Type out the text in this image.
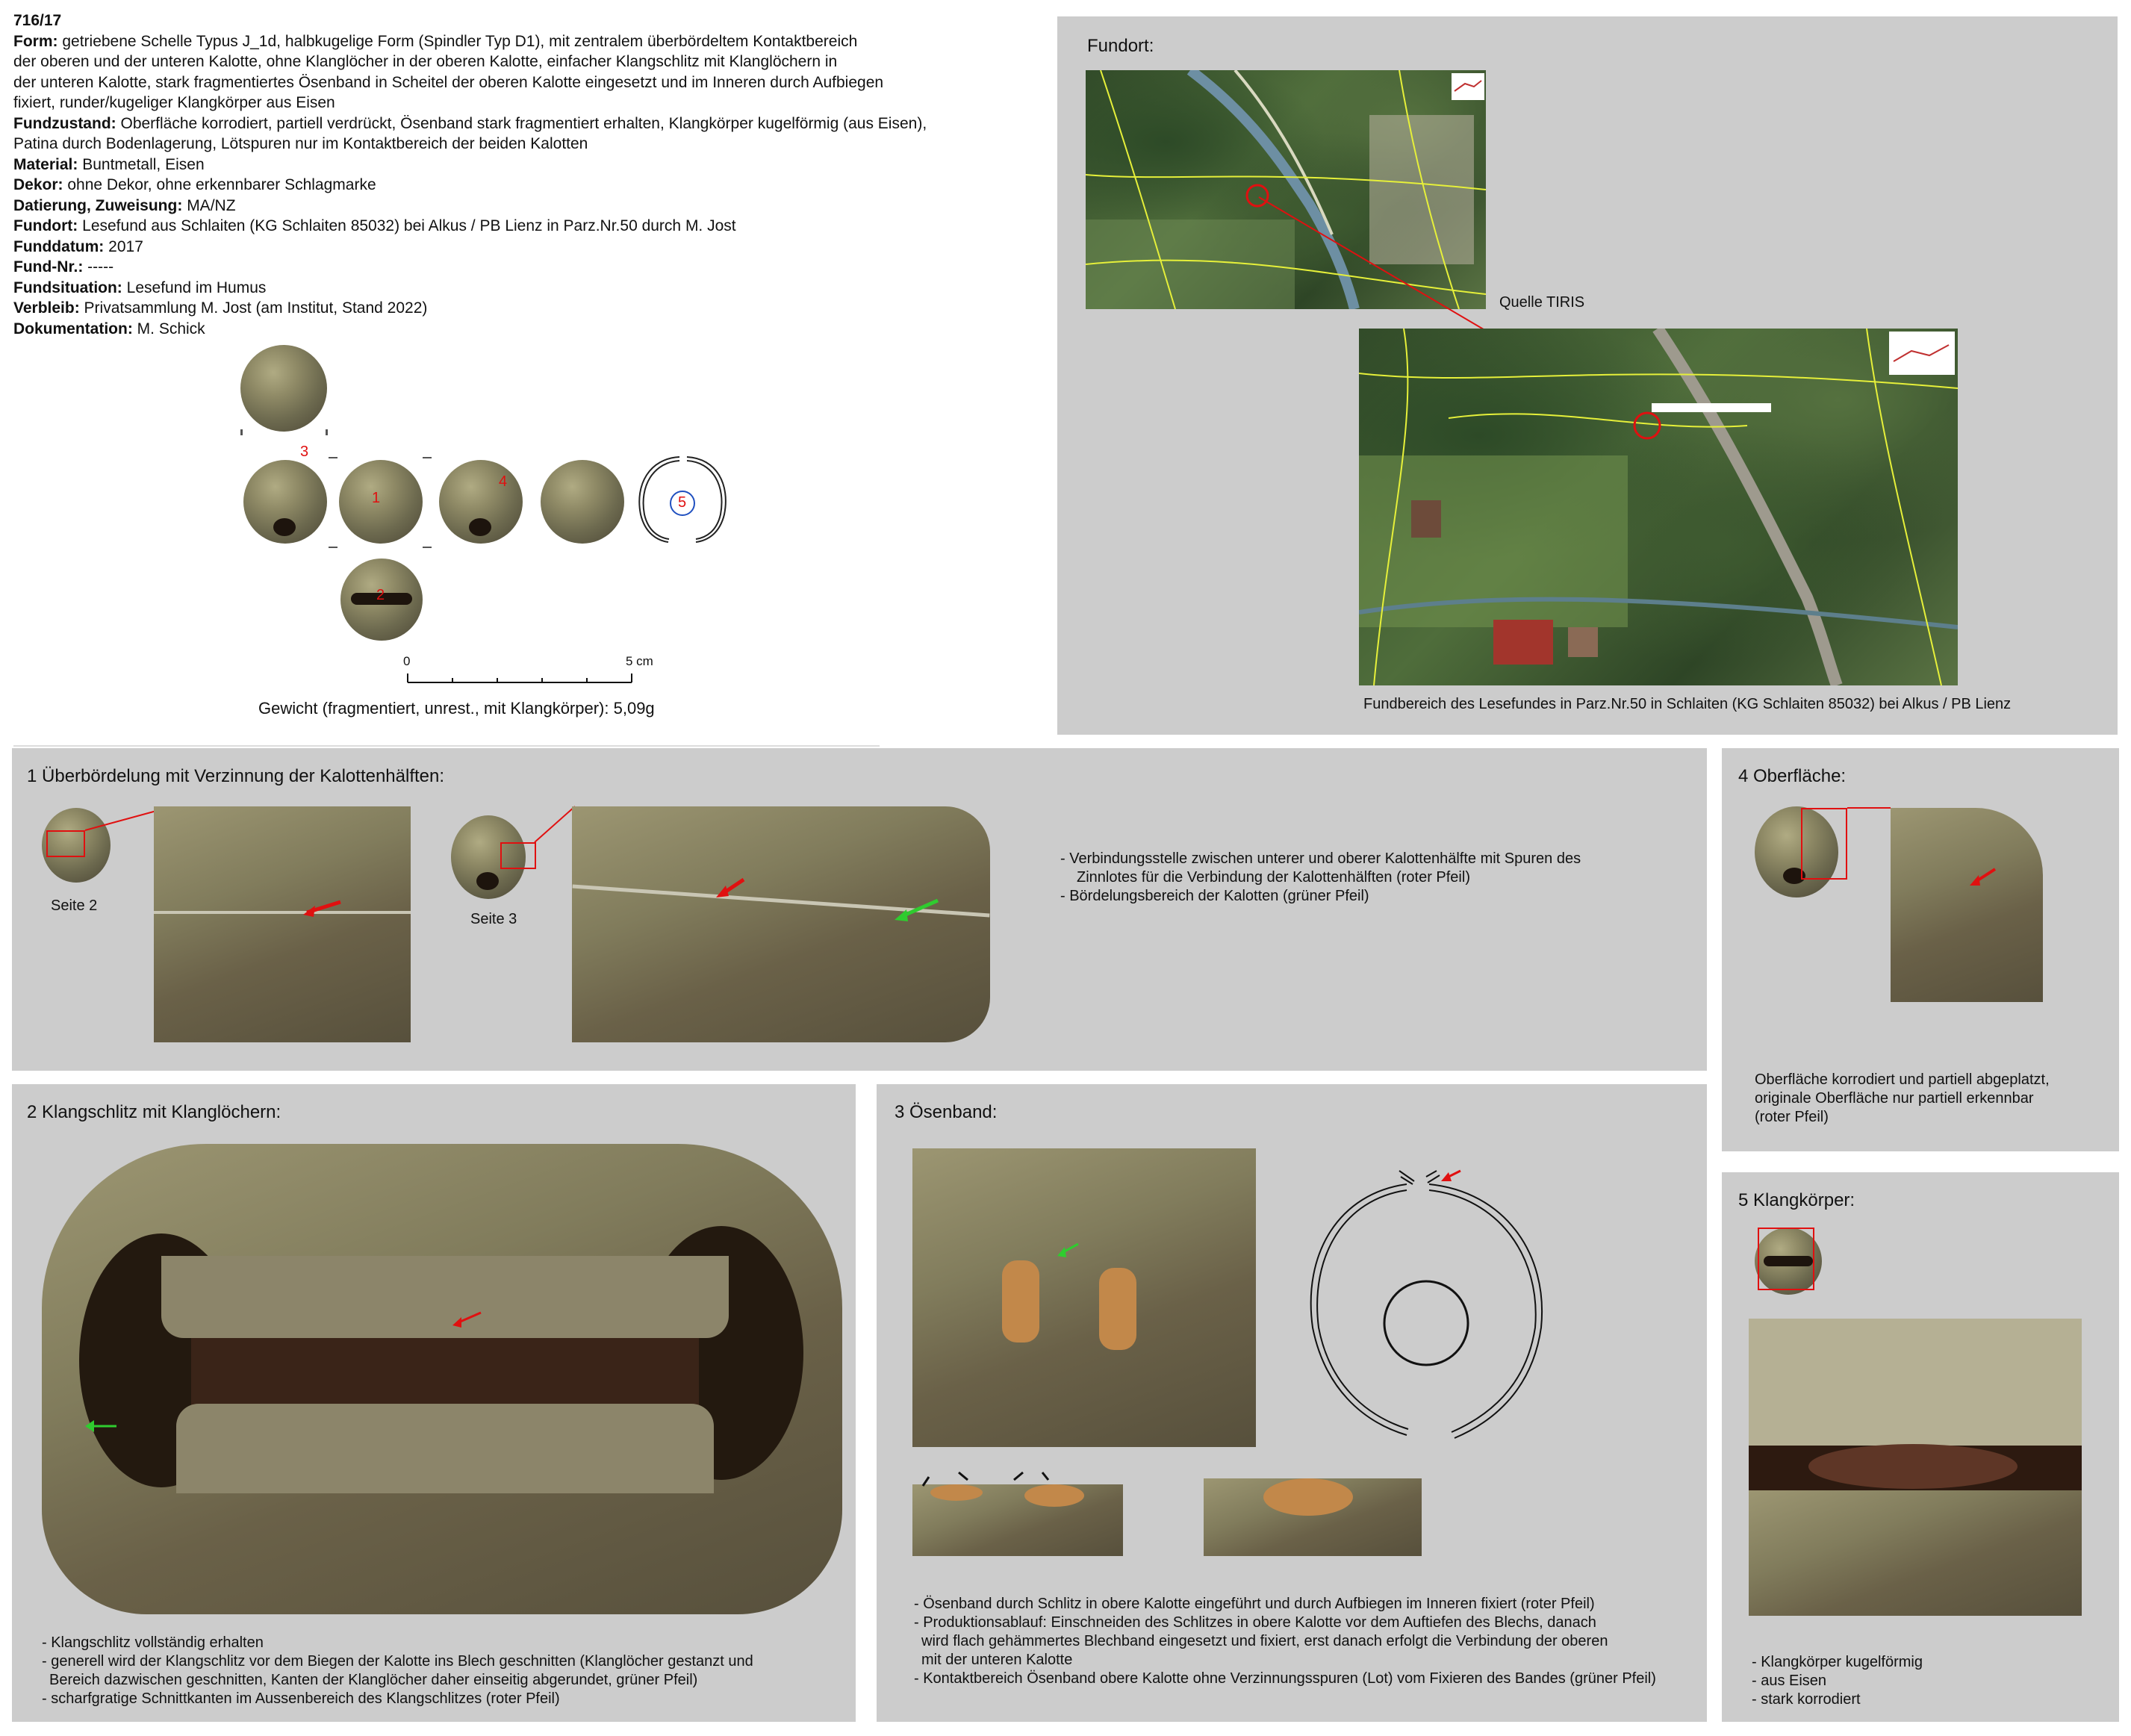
716/17
Form: getriebene Schelle Typus J_1d, halbkugelige Form (Spindler Typ D1), mit zentralem überbördeltem Kontaktbereich
der oberen und der unteren Kalotte, ohne Klanglöcher in der oberen Kalotte, einfacher Klangschlitz mit Klanglöchern in
der unteren Kalotte, stark fragmentiertes Ösenband in Scheitel der oberen Kalotte eingesetzt und im Inneren durch Aufbiegen
fixiert, runder/kugeliger Klangkörper aus Eisen
Fundzustand: Oberfläche korrodiert, partiell verdrückt, Ösenband stark fragmentiert erhalten, Klangkörper kugelförmig (aus Eisen),
Patina durch Bodenlagerung, Lötspuren nur im Kontaktbereich der beiden Kalotten
Material: Buntmetall, Eisen
Dekor: ohne Dekor, ohne erkennbarer Schlagmarke
Datierung, Zuweisung: MA/NZ
Fundort: Lesefund aus Schlaiten (KG Schlaiten 85032) bei Alkus / PB Lienz in Parz.Nr.50 durch M. Jost
Funddatum: 2017
Fund-Nr.: -----
Fundsituation: Lesefund im Humus
Verbleib: Privatsammlung M. Jost (am Institut, Stand 2022)
Dokumentation: M. Schick
3
1
4
5
2
0	5 cm
Gewicht (fragmentiert, unrest., mit Klangkörper): 5,09g
Fundort:
Quelle TIRIS
Fundbereich des Lesefundes in Parz.Nr.50 in Schlaiten (KG Schlaiten 85032) bei Alkus / PB Lienz
1 Überbördelung mit Verzinnung der Kalottenhälften:
Seite 2
Seite 3
- Verbindungsstelle zwischen unterer und oberer Kalottenhälfte mit Spuren des
Zinnlotes für die Verbindung der Kalottenhälften (roter Pfeil)
- Bördelungsbereich der Kalotten (grüner Pfeil)
4 Oberfläche:
Oberfläche korrodiert und partiell abgeplatzt,
originale Oberfläche nur partiell erkennbar
(roter Pfeil)
2 Klangschlitz mit Klanglöchern:
- Klangschlitz vollständig erhalten
- generell wird der Klangschlitz vor dem Biegen der Kalotte ins Blech geschnitten (Klanglöcher gestanzt und
Bereich dazwischen geschnitten, Kanten der Klanglöcher daher einseitig abgerundet, grüner Pfeil)
- scharfgratige Schnittkanten im Aussenbereich des Klangschlitzes (roter Pfeil)
3 Ösenband:
- Ösenband durch Schlitz in obere Kalotte eingeführt und durch Aufbiegen im Inneren fixiert (roter Pfeil)
- Produktionsablauf: Einschneiden des Schlitzes in obere Kalotte vor dem Auftiefen des Blechs, danach
wird flach gehämmertes Blechband eingesetzt und fixiert, erst danach erfolgt die Verbindung der oberen
mit der unteren Kalotte
- Kontaktbereich Ösenband obere Kalotte ohne Verzinnungsspuren (Lot) vom Fixieren des Bandes (grüner Pfeil)
5 Klangkörper:
- Klangkörper kugelförmig
- aus Eisen
- stark korrodiert
